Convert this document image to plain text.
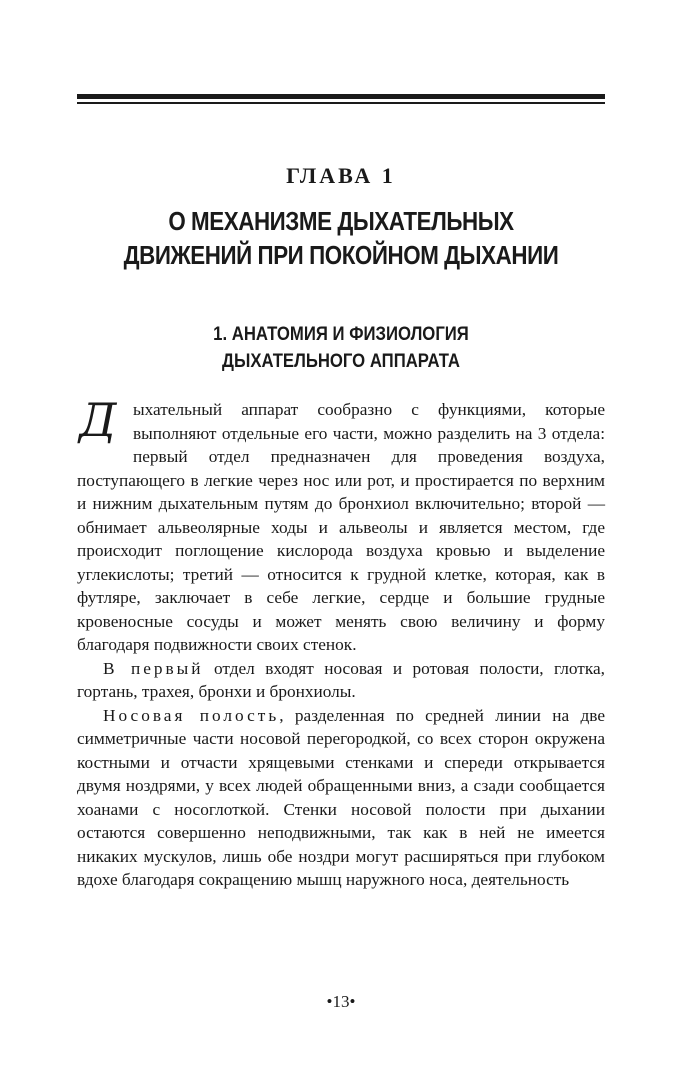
ГЛАВА 1
О МЕХАНИЗМЕ ДЫХАТЕЛЬНЫХ
ДВИЖЕНИЙ ПРИ ПОКОЙНОМ ДЫХАНИИ
1. АНАТОМИЯ И ФИЗИОЛОГИЯ
ДЫХАТЕЛЬНОГО АППАРАТА

Дыхательный аппарат сообразно с функциями, которые выполняют отдельные его части, можно разделить на 3 отдела: первый отдел предназначен для проведения воздуха, поступающего в легкие через нос или рот, и простирается по верхним и нижним дыхательным путям до бронхиол включительно; второй — обнимает альвеолярные ходы и альвеолы и является местом, где происходит поглощение кислорода воздуха кровью и выделение углекислоты; третий — относится к грудной клетке, которая, как в футляре, заключает в себе легкие, сердце и большие грудные кровеносные сосуды и может менять свою величину и форму благодаря подвижности своих стенок.

В первый отдел входят носовая и ротовая полости, глотка, гортань, трахея, бронхи и бронхиолы.

Носовая полость, разделенная по средней линии на две симметричные части носовой перегородкой, со всех сторон окружена костными и отчасти хрящевыми стенками и спереди открывается двумя ноздрями, у всех людей обращенными вниз, а сзади сообщается хоанами с носоглоткой. Стенки носовой полости при дыхании остаются совершенно неподвижными, так как в ней не имеется никаких мускулов, лишь обе ноздри могут расширяться при глубоком вдохе благодаря сокращению мышц наружного носа, деятельность

•13•
